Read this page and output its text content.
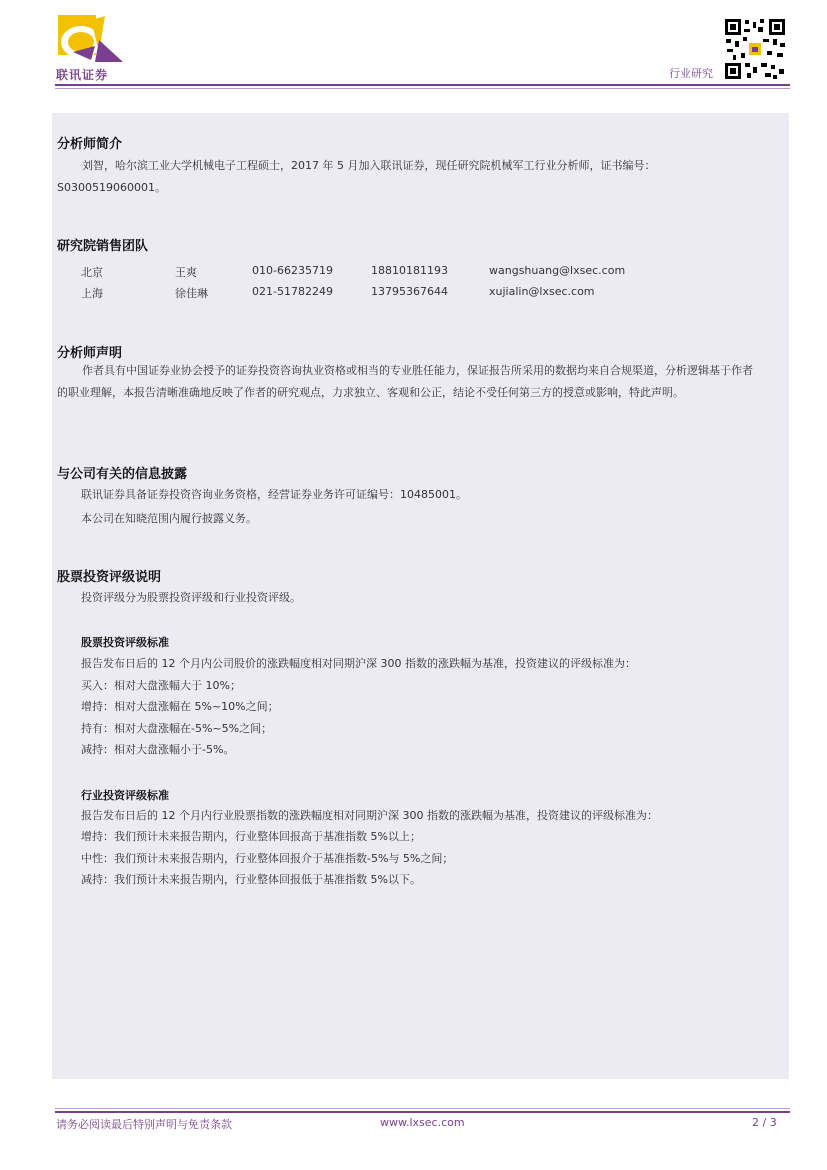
联讯证券	行业研究
分析师简介
刘智，哈尔滨工业大学机械电子工程硕士，2017 年 5 月加入联讯证券，现任研究院机械军工行业分析师，证书编号：S0300519060001。
研究院销售团队
北京	王爽	010-66235719	18810181193	wangshuang@lxsec.com
上海	徐佳琳	021-51782249	13795367644	xujialin@lxsec.com
分析师声明
作者具有中国证券业协会授予的证券投资咨询执业资格或相当的专业胜任能力，保证报告所采用的数据均来自合规渠道，分析逻辑基于作者的职业理解，本报告清晰准确地反映了作者的研究观点，力求独立、客观和公正，结论不受任何第三方的授意或影响，特此声明。
与公司有关的信息披露
联讯证券具备证券投资咨询业务资格，经营证券业务许可证编号：10485001。
本公司在知晓范围内履行披露义务。
股票投资评级说明
投资评级分为股票投资评级和行业投资评级。
股票投资评级标准
报告发布日后的 12 个月内公司股价的涨跌幅度相对同期沪深 300 指数的涨跌幅为基准，投资建议的评级标准为：
买入：相对大盘涨幅大于 10%；
增持：相对大盘涨幅在 5%~10%之间；
持有：相对大盘涨幅在-5%~5%之间；
减持：相对大盘涨幅小于-5%。
行业投资评级标准
报告发布日后的 12 个月内行业股票指数的涨跌幅度相对同期沪深 300 指数的涨跌幅为基准，投资建议的评级标准为：
增持：我们预计未来报告期内，行业整体回报高于基准指数 5%以上；
中性：我们预计未来报告期内，行业整体回报介于基准指数-5%与 5%之间；
减持：我们预计未来报告期内，行业整体回报低于基准指数 5%以下。
请务必阅读最后特别声明与免责条款	www.lxsec.com	2 / 3
